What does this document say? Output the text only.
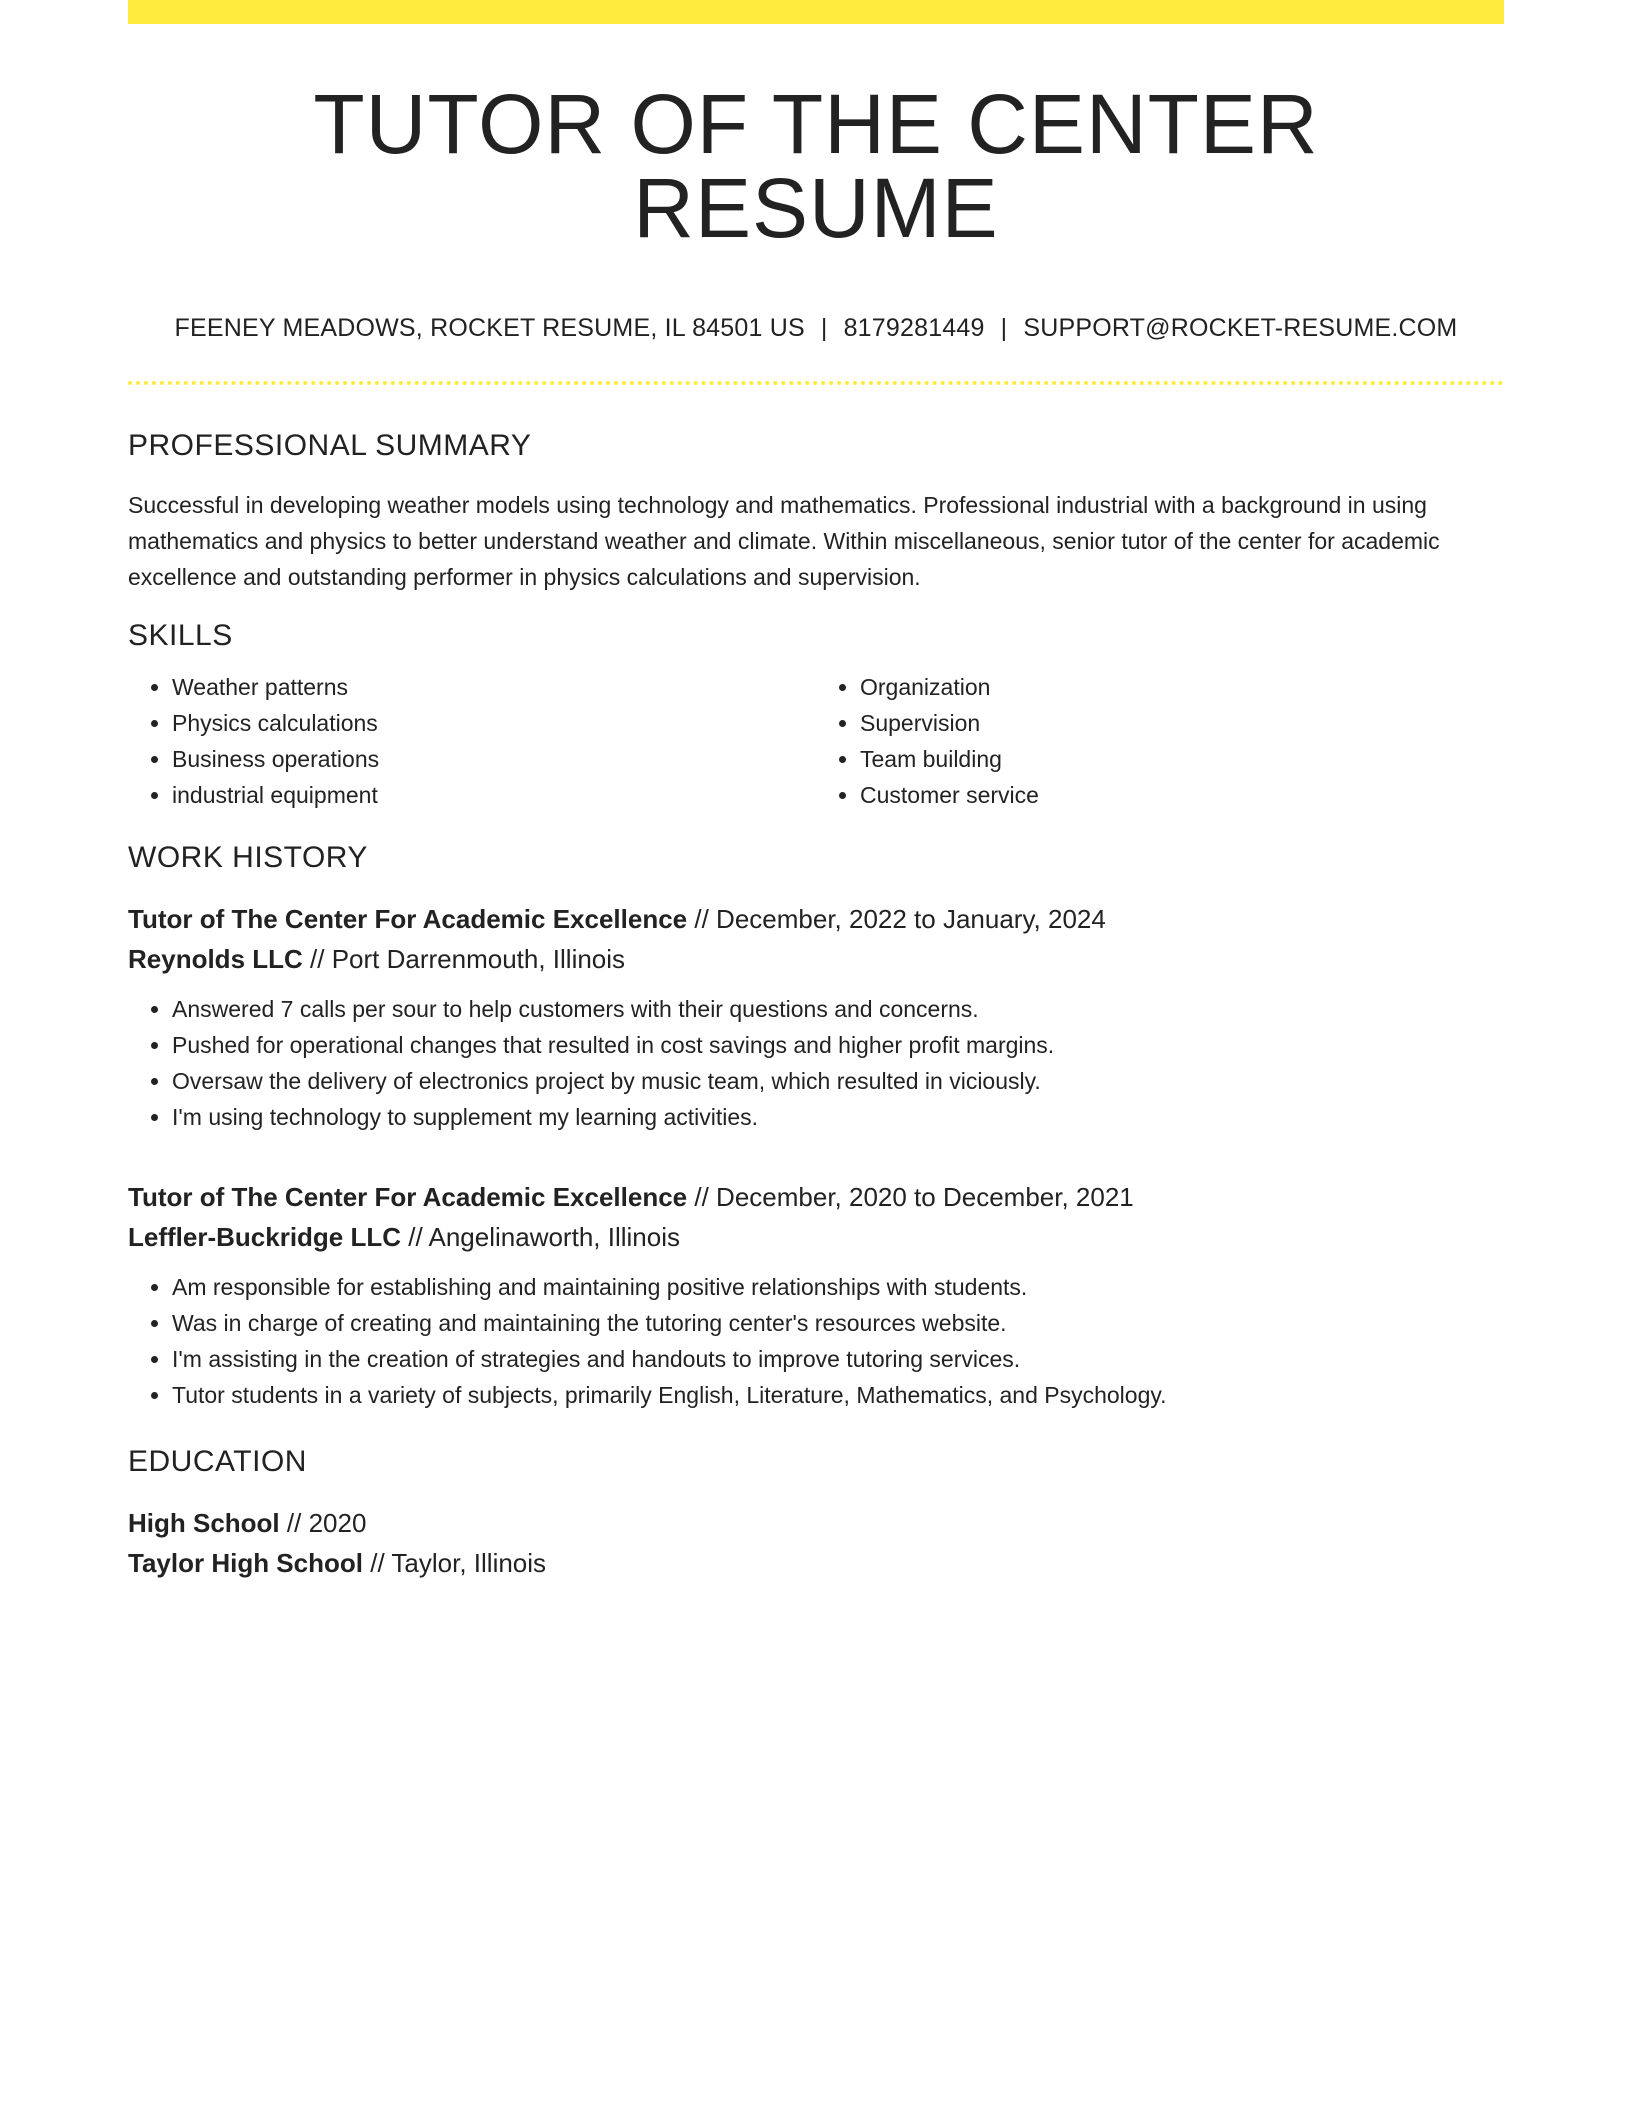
TUTOR OF THE CENTER RESUME
FEENEY MEADOWS, ROCKET RESUME, IL 84501 US | 8179281449 | SUPPORT@ROCKET-RESUME.COM
PROFESSIONAL SUMMARY

Successful in developing weather models using technology and mathematics. Professional industrial with a background in using mathematics and physics to better understand weather and climate. Within miscellaneous, senior tutor of the center for academic excellence and outstanding performer in physics calculations and supervision.

SKILLS
• Weather patterns
• Physics calculations
• Business operations
• industrial equipment
• Organization
• Supervision
• Team building
• Customer service
WORK HISTORY
Tutor of The Center For Academic Excellence // December, 2022 to January, 2024
Reynolds LLC // Port Darrenmouth, Illinois
• Answered 7 calls per sour to help customers with their questions and concerns.
• Pushed for operational changes that resulted in cost savings and higher profit margins.
• Oversaw the delivery of electronics project by music team, which resulted in viciously.
• I'm using technology to supplement my learning activities.
Tutor of The Center For Academic Excellence // December, 2020 to December, 2021
Leffler-Buckridge LLC // Angelinaworth, Illinois
• Am responsible for establishing and maintaining positive relationships with students.
• Was in charge of creating and maintaining the tutoring center's resources website.
• I'm assisting in the creation of strategies and handouts to improve tutoring services.
• Tutor students in a variety of subjects, primarily English, Literature, Mathematics, and Psychology.
EDUCATION
High School // 2020
Taylor High School // Taylor, Illinois
